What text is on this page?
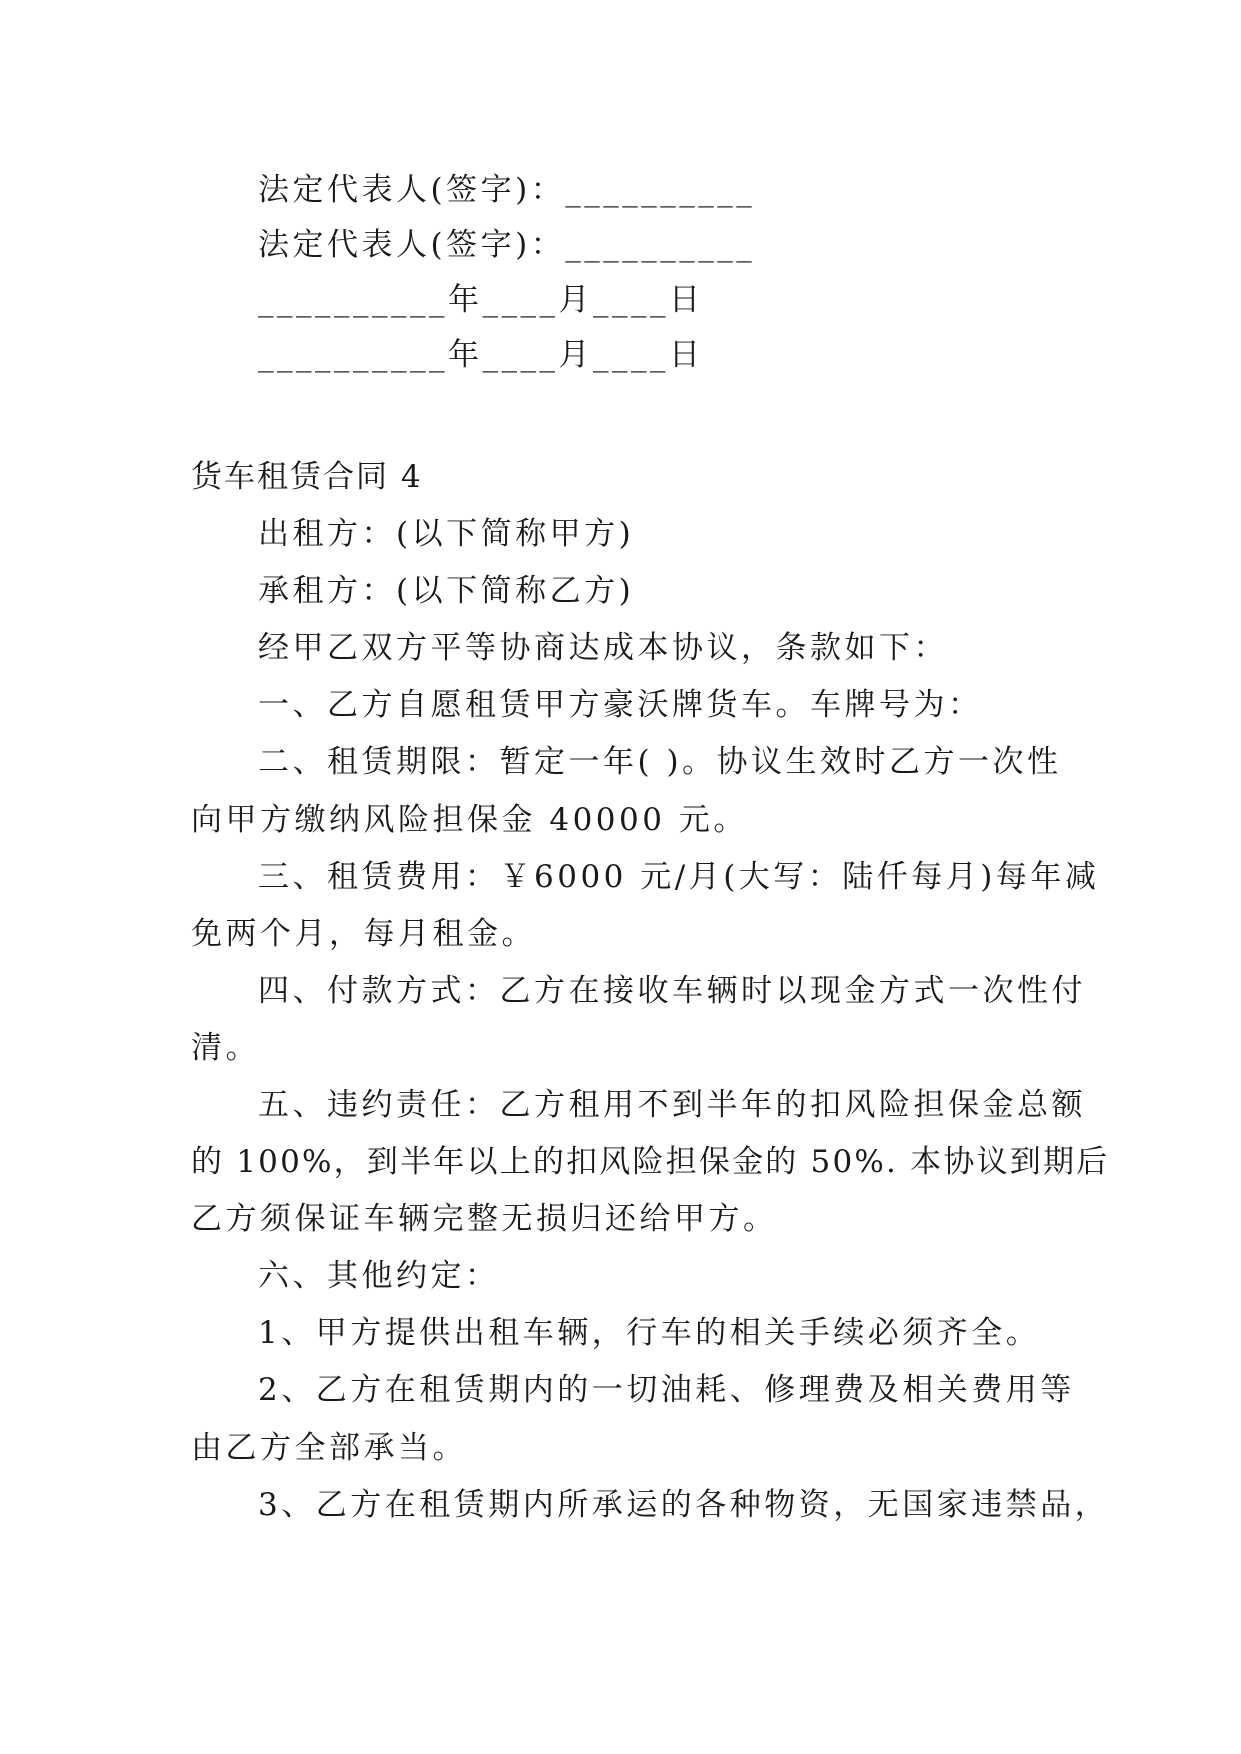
法定代表人(签字)：__________
法定代表人(签字)：__________
__________年____月____日
__________年____月____日
货车租赁合同 4
出租方：(以下简称甲方)
承租方：(以下简称乙方)
经甲乙双方平等协商达成本协议，条款如下：
一、乙方自愿租赁甲方豪沃牌货车。车牌号为：
二、租赁期限：暂定一年( )。协议生效时乙方一次性
向甲方缴纳风险担保金 40000 元。
三、租赁费用：￥6000 元/月(大写：陆仟每月)每年减
免两个月，每月租金。
四、付款方式：乙方在接收车辆时以现金方式一次性付
清。
五、违约责任：乙方租用不到半年的扣风险担保金总额
的 100%，到半年以上的扣风险担保金的 50%. 本协议到期后
乙方须保证车辆完整无损归还给甲方。
六、其他约定：
1、甲方提供出租车辆，行车的相关手续必须齐全。
2、乙方在租赁期内的一切油耗、修理费及相关费用等
由乙方全部承当。
3、乙方在租赁期内所承运的各种物资，无国家违禁品，
